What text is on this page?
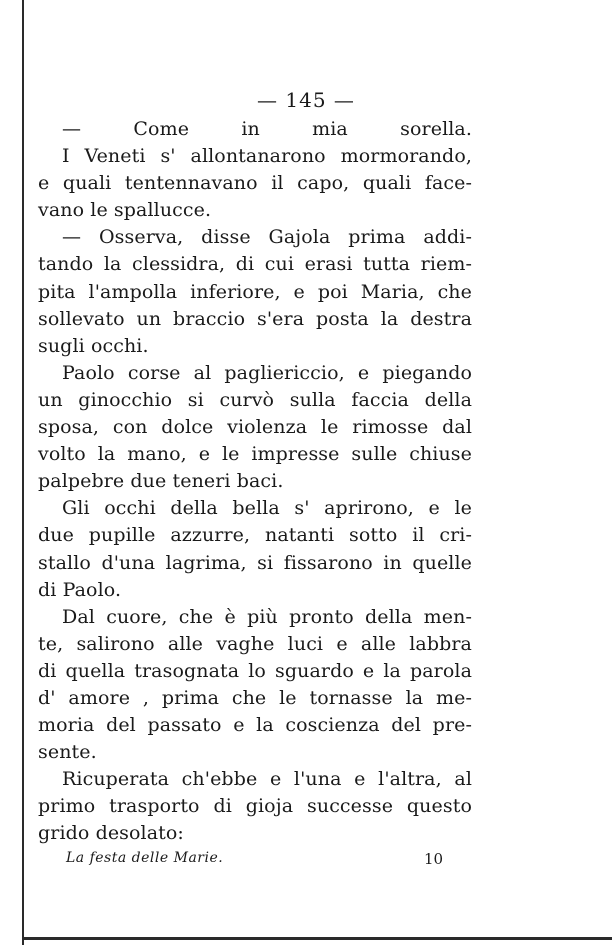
— 145 —
— Come in mia sorella.
I Veneti s' allontanarono mormorando,
e quali tentennavano il capo, quali face-
vano le spallucce.
— Osserva, disse Gajola prima addi-
tando la clessidra, di cui erasi tutta riem-
pita l'ampolla inferiore, e poi Maria, che
sollevato un braccio s'era posta la destra
sugli occhi.
Paolo corse al pagliericcio, e piegando
un ginocchio si curvò sulla faccia della
sposa, con dolce violenza le rimosse dal
volto la mano, e le impresse sulle chiuse
palpebre due teneri baci.
Gli occhi della bella s' aprirono, e le
due pupille azzurre, natanti sotto il cri-
stallo d'una lagrima, si fissarono in quelle
di Paolo.
Dal cuore, che è più pronto della men-
te, salirono alle vaghe luci e alle labbra
di quella trasognata lo sguardo e la parola
d' amore , prima che le tornasse la me-
moria del passato e la coscienza del pre-
sente.
Ricuperata ch'ebbe e l'una e l'altra, al
primo trasporto di gioja successe questo
grido desolato:
La festa delle Marie.	10
